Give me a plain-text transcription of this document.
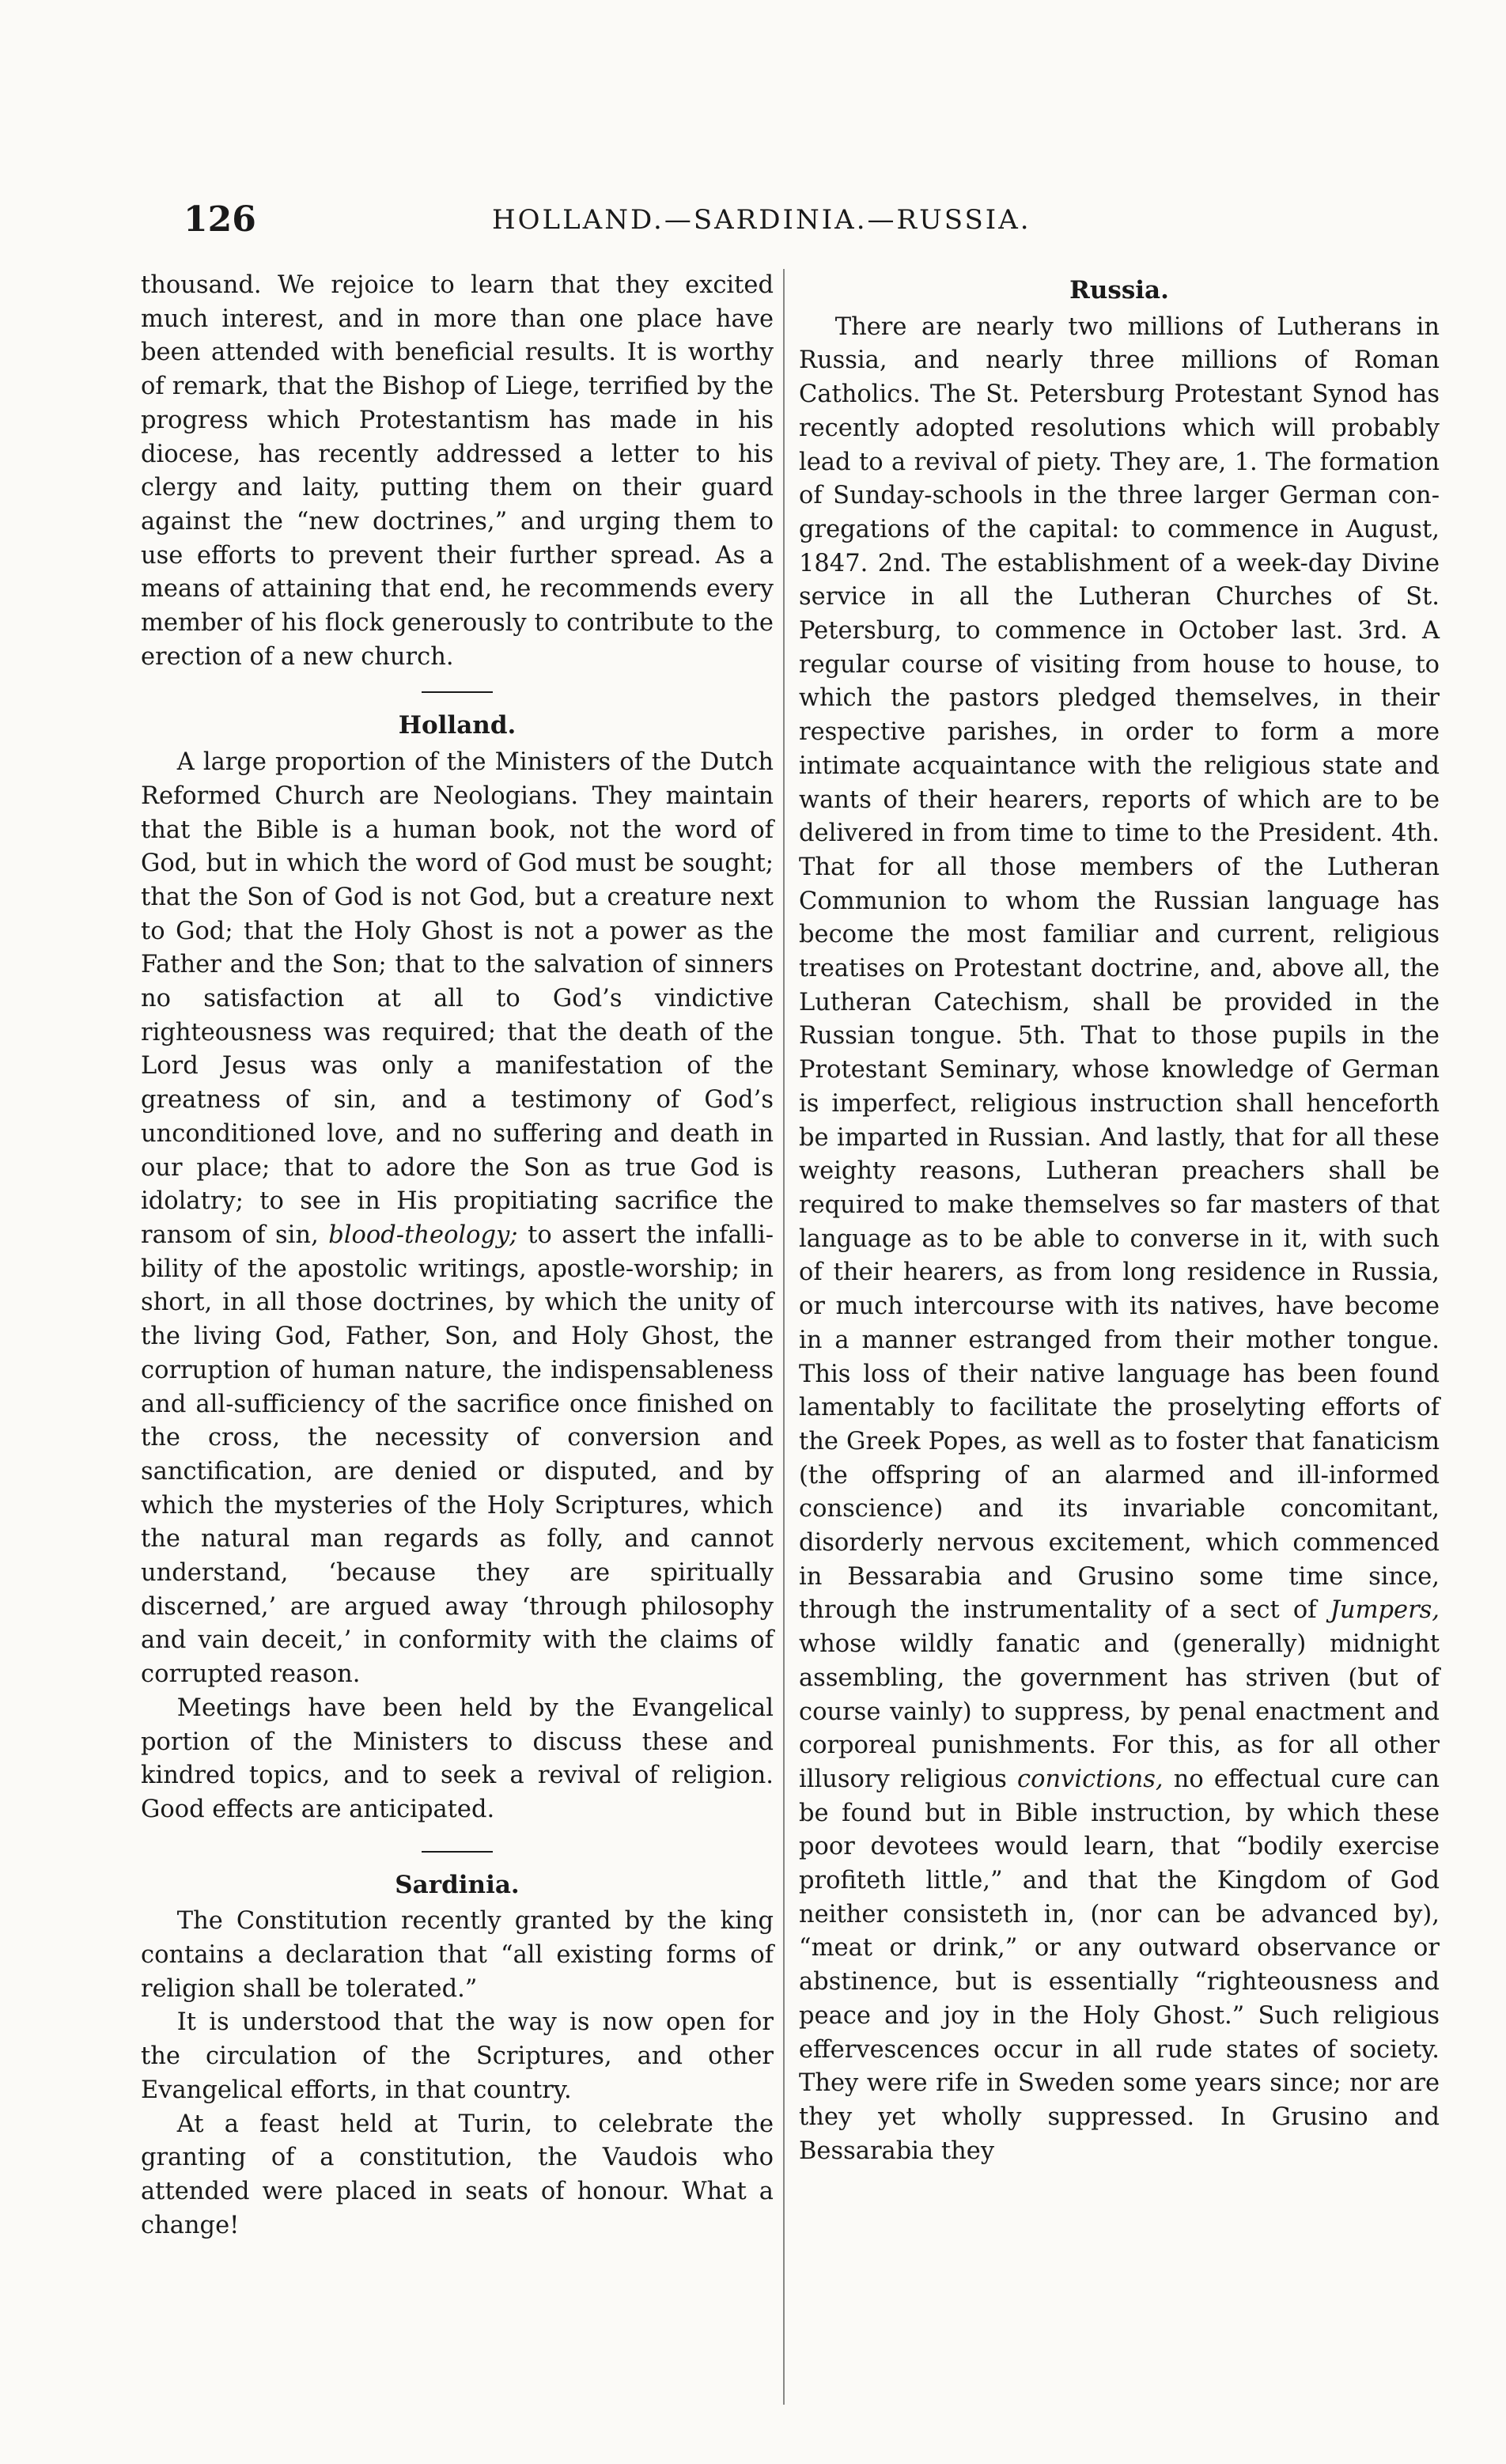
126	HOLLAND.—SARDINIA.—RUSSIA.

thousand. We rejoice to learn that they excited much interest, and in more than one place have been attended with beneficial results. It is worthy of remark, that the Bishop of Liege, terrified by the progress which Protestantism has made in his diocese, has recently addressed a letter to his clergy and laity, putting them on their guard against the “new doctrines,” and urging them to use efforts to prevent their further spread. As a means of attaining that end, he recommends every member of his flock generously to contribute to the erection of a new church.

Holland.

A large proportion of the Ministers of the Dutch Reformed Church are Neologians. They maintain that the Bible is a human book, not the word of God, but in which the word of God must be sought; that the Son of God is not God, but a creature next to God; that the Holy Ghost is not a power as the Father and the Son; that to the salvation of sinners no satisfaction at all to God’s vindictive righteousness was required; that the death of the Lord Jesus was only a manifestation of the greatness of sin, and a testimony of God’s unconditioned love, and no suffering and death in our place; that to adore the Son as true God is idolatry; to see in His propitiating sacrifice the ransom of sin, blood-theology; to assert the infallibility of the apostolic writings, apostle-worship; in short, in all those doctrines, by which the unity of the living God, Father, Son, and Holy Ghost, the corruption of human nature, the indispensableness and all-sufficiency of the sacrifice once finished on the cross, the necessity of conversion and sanctification, are denied or disputed, and by which the mysteries of the Holy Scriptures, which the natural man regards as folly, and cannot understand, ‘because they are spiritually discerned,’ are argued away ‘through philosophy and vain deceit,’ in conformity with the claims of corrupted reason.

Meetings have been held by the Evangelical portion of the Ministers to discuss these and kindred topics, and to seek a revival of religion. Good effects are anticipated.

Sardinia.

The Constitution recently granted by the king contains a declaration that “all existing forms of religion shall be tolerated.”

It is understood that the way is now open for the circulation of the Scriptures, and other Evangelical efforts, in that country.

At a feast held at Turin, to celebrate the granting of a constitution, the Vaudois who attended were placed in seats of honour. What a change!

Russia.

There are nearly two millions of Lutherans in Russia, and nearly three millions of Roman Catholics. The St. Petersburg Protestant Synod has recently adopted resolutions which will probably lead to a revival of piety. They are, 1. The formation of Sunday-schools in the three larger German congregations of the capital: to commence in August, 1847. 2nd. The establishment of a week-day Divine service in all the Lutheran Churches of St. Petersburg, to commence in October last. 3rd. A regular course of visiting from house to house, to which the pastors pledged themselves, in their respective parishes, in order to form a more intimate acquaintance with the religious state and wants of their hearers, reports of which are to be delivered in from time to time to the President. 4th. That for all those members of the Lutheran Communion to whom the Russian language has become the most familiar and current, religious treatises on Protestant doctrine, and, above all, the Lutheran Catechism, shall be provided in the Russian tongue. 5th. That to those pupils in the Protestant Seminary, whose knowledge of German is imperfect, religious instruction shall henceforth be imparted in Russian. And lastly, that for all these weighty reasons, Lutheran preachers shall be required to make themselves so far masters of that language as to be able to converse in it, with such of their hearers, as from long residence in Russia, or much intercourse with its natives, have become in a manner estranged from their mother tongue. This loss of their native language has been found lamentably to facilitate the proselyting efforts of the Greek Popes, as well as to foster that fanaticism (the offspring of an alarmed and ill-informed conscience) and its invariable concomitant, disorderly nervous excitement, which commenced in Bessarabia and Grusino some time since, through the instrumentality of a sect of Jumpers, whose wildly fanatic and (generally) midnight assembling, the government has striven (but of course vainly) to suppress, by penal enactment and corporeal punishments. For this, as for all other illusory religious convictions, no effectual cure can be found but in Bible instruction, by which these poor devotees would learn, that “bodily exercise profiteth little,” and that the Kingdom of God neither consisteth in, (nor can be advanced by), “meat or drink,” or any outward observance or abstinence, but is essentially “righteousness and peace and joy in the Holy Ghost.” Such religious effervescences occur in all rude states of society. They were rife in Sweden some years since; nor are they yet wholly suppressed. In Grusino and Bessarabia they
